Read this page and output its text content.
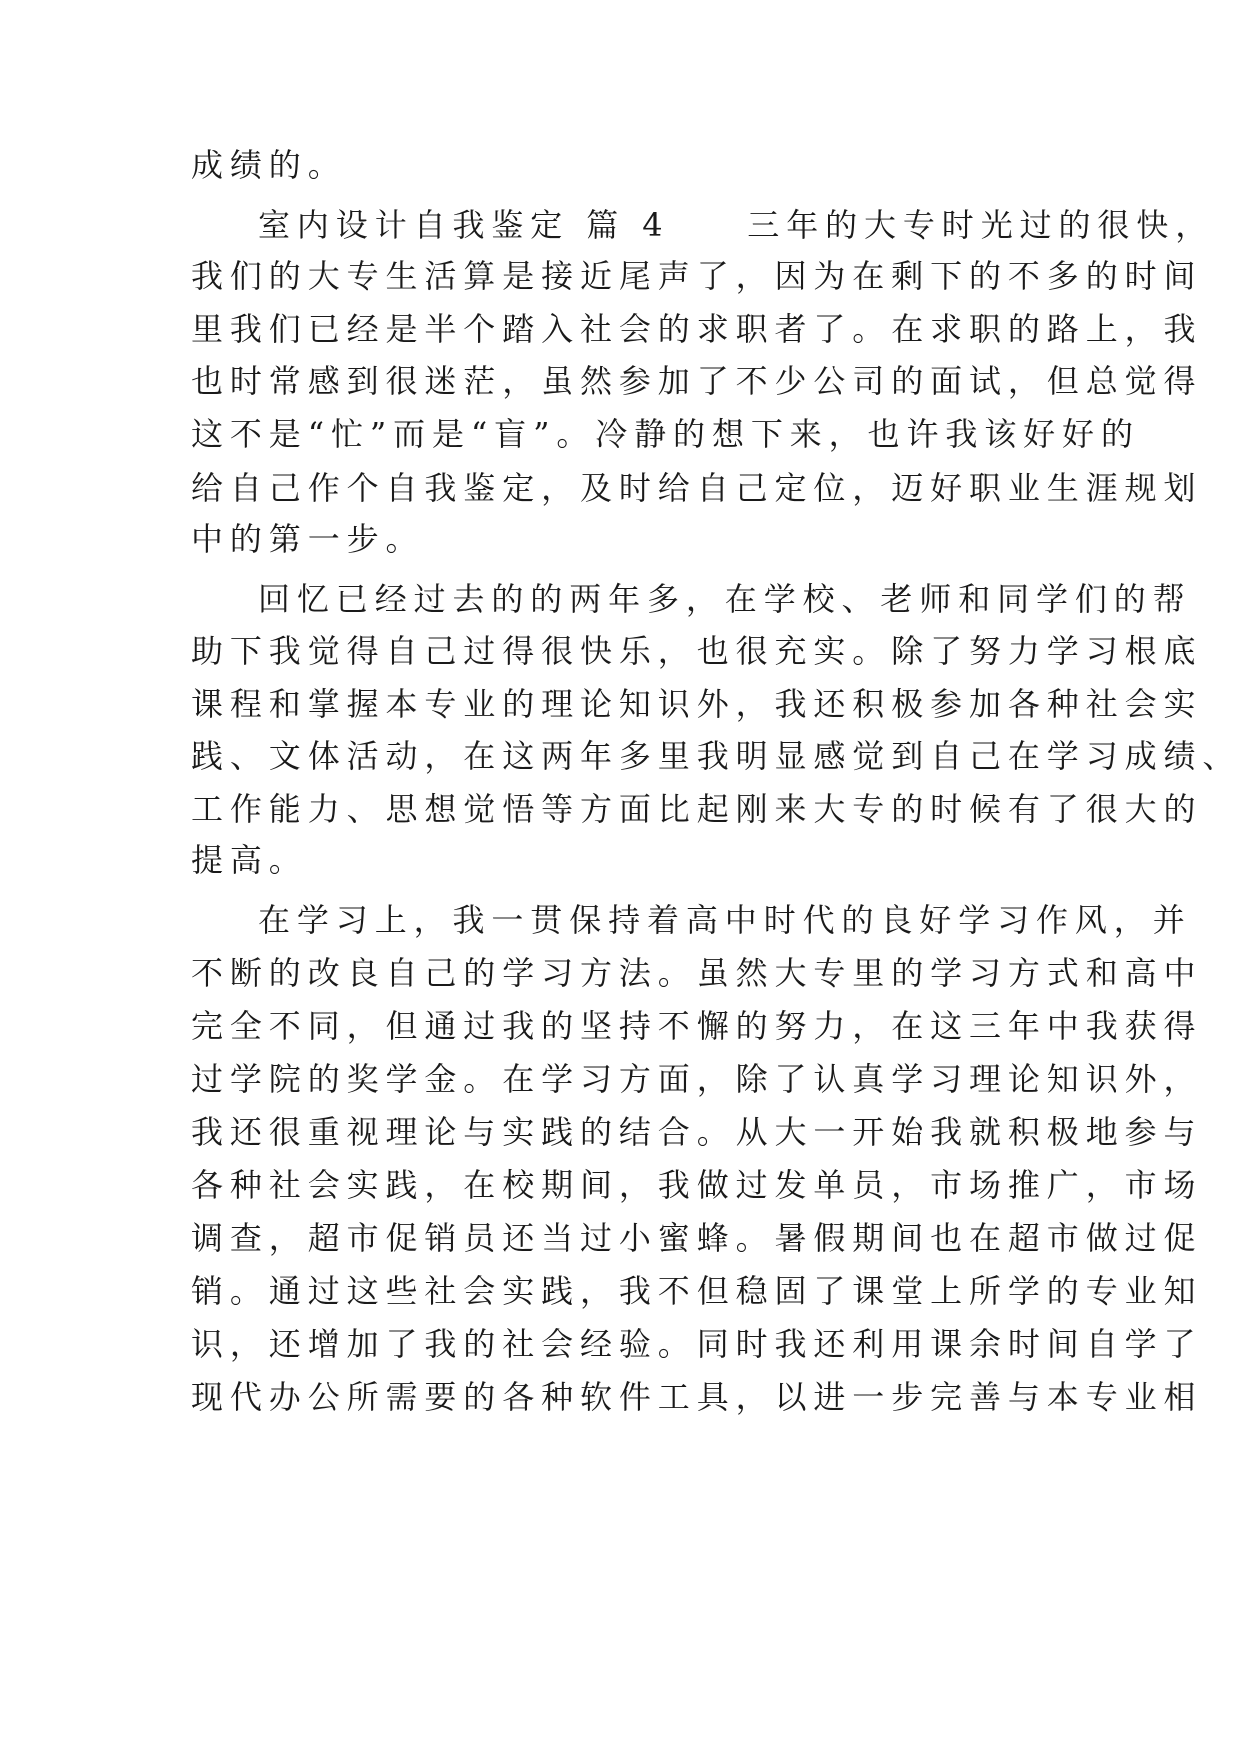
成绩的。
室内设计自我鉴定 篇 4　　三年的大专时光过的很快，
我们的大专生活算是接近尾声了，因为在剩下的不多的时间
里我们已经是半个踏入社会的求职者了。在求职的路上，我
也时常感到很迷茫，虽然参加了不少公司的面试，但总觉得
这不是“忙”而是“盲”。冷静的想下来，也许我该好好的
给自己作个自我鉴定，及时给自己定位，迈好职业生涯规划
中的第一步。
回忆已经过去的的两年多，在学校、老师和同学们的帮
助下我觉得自己过得很快乐，也很充实。除了努力学习根底
课程和掌握本专业的理论知识外，我还积极参加各种社会实
践、文体活动，在这两年多里我明显感觉到自己在学习成绩、
工作能力、思想觉悟等方面比起刚来大专的时候有了很大的
提高。
在学习上，我一贯保持着高中时代的良好学习作风，并
不断的改良自己的学习方法。虽然大专里的学习方式和高中
完全不同，但通过我的坚持不懈的努力，在这三年中我获得
过学院的奖学金。在学习方面，除了认真学习理论知识外，
我还很重视理论与实践的结合。从大一开始我就积极地参与
各种社会实践，在校期间，我做过发单员，市场推广，市场
调查，超市促销员还当过小蜜蜂。暑假期间也在超市做过促
销。通过这些社会实践，我不但稳固了课堂上所学的专业知
识，还增加了我的社会经验。同时我还利用课余时间自学了
现代办公所需要的各种软件工具，以进一步完善与本专业相
